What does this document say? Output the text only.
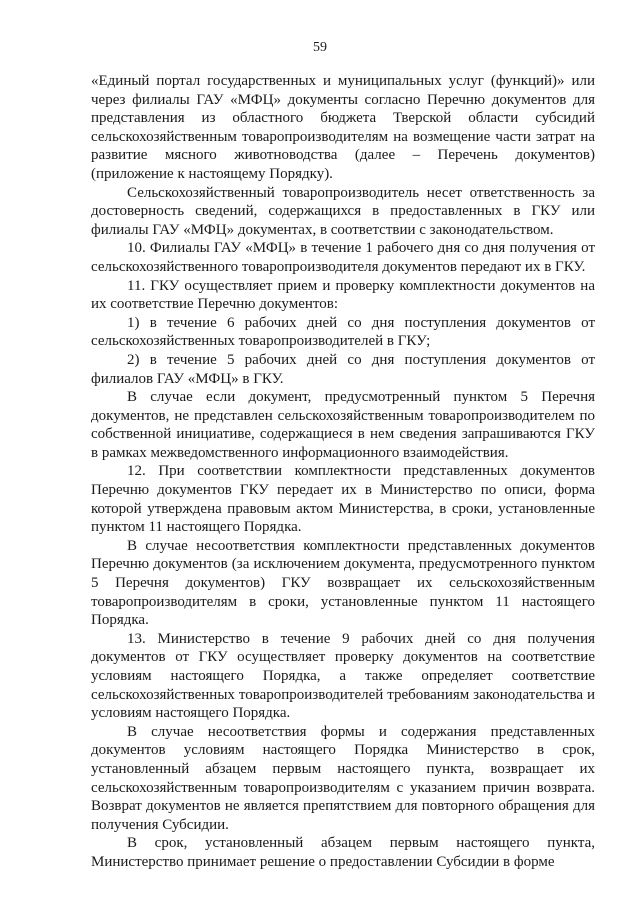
59

«Единый портал государственных и муниципальных услуг (функций)» или через филиалы ГАУ «МФЦ» документы согласно Перечню документов для представления из областного бюджета Тверской области субсидий сельскохозяйственным товаропроизводителям на возмещение части затрат на развитие мясного животноводства (далее – Перечень документов) (приложение к настоящему Порядку).

Сельскохозяйственный товаропроизводитель несет ответственность за достоверность сведений, содержащихся в предоставленных в ГКУ или филиалы ГАУ «МФЦ» документах, в соответствии с законодательством.

10. Филиалы ГАУ «МФЦ» в течение 1 рабочего дня со дня получения от сельскохозяйственного товаропроизводителя документов передают их в ГКУ.

11. ГКУ осуществляет прием и проверку комплектности документов на их соответствие Перечню документов:

1) в течение 6 рабочих дней со дня поступления документов от сельскохозяйственных товаропроизводителей в ГКУ;

2) в течение 5 рабочих дней со дня поступления документов от филиалов ГАУ «МФЦ» в ГКУ.

В случае если документ, предусмотренный пунктом 5 Перечня документов, не представлен сельскохозяйственным товаропроизводителем по собственной инициативе, содержащиеся в нем сведения запрашиваются ГКУ в рамках межведомственного информационного взаимодействия.

12. При соответствии комплектности представленных документов Перечню документов ГКУ передает их в Министерство по описи, форма которой утверждена правовым актом Министерства, в сроки, установленные пунктом 11 настоящего Порядка.

В случае несоответствия комплектности представленных документов Перечню документов (за исключением документа, предусмотренного пунктом 5 Перечня документов) ГКУ возвращает их сельскохозяйственным товаропроизводителям в сроки, установленные пунктом 11 настоящего Порядка.

13. Министерство в течение 9 рабочих дней со дня получения документов от ГКУ осуществляет проверку документов на соответствие условиям настоящего Порядка, а также определяет соответствие сельскохозяйственных товаропроизводителей требованиям законодательства и условиям настоящего Порядка.

В случае несоответствия формы и содержания представленных документов условиям настоящего Порядка Министерство в срок, установленный абзацем первым настоящего пункта, возвращает их сельскохозяйственным товаропроизводителям с указанием причин возврата. Возврат документов не является препятствием для повторного обращения для получения Субсидии.

В срок, установленный абзацем первым настоящего пункта, Министерство принимает решение о предоставлении Субсидии в форме
